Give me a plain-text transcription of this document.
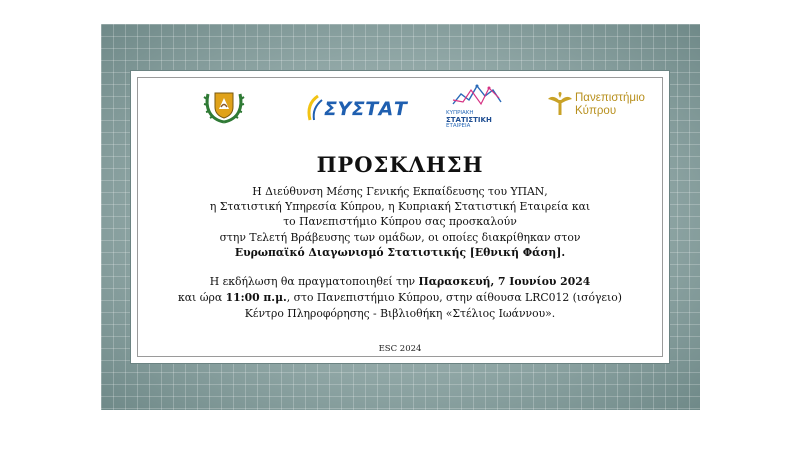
ΣΥΣΤΑΤ	ΚΥΠΡΙΑΚΗ
ΣΤΑΤΙΣΤΙΚΗ
ΕΤΑΙΡΕΙΑ
Πανεπιστήμιο
Κύπρου
ΠΡΟΣΚΛΗΣΗ
Η Διεύθυνση Μέσης Γενικής Εκπαίδευσης του ΥΠΑΝ,
η Στατιστική Υπηρεσία Κύπρου, η Κυπριακή Στατιστική Εταιρεία και
το Πανεπιστήμιο Κύπρου σας προσκαλούν
στην Τελετή Βράβευσης των ομάδων, οι οποίες διακρίθηκαν στον
Ευρωπαϊκό Διαγωνισμό Στατιστικής [Εθνική Φάση].
Η εκδήλωση θα πραγματοποιηθεί την Παρασκευή, 7 Ιουνίου 2024
και ώρα 11:00 π.μ., στο Πανεπιστήμιο Κύπρου, στην αίθουσα LRC012 (ισόγειο)
Κέντρο Πληροφόρησης - Βιβλιοθήκη «Στέλιος Ιωάννου».
ESC 2024
